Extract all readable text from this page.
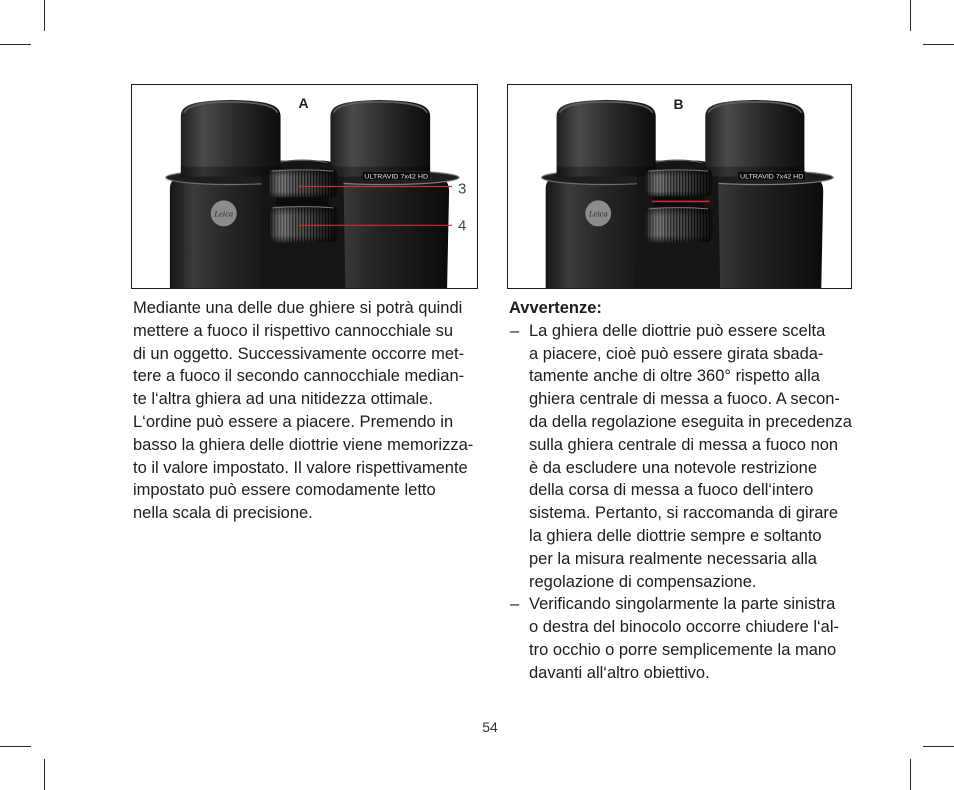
Leica
ULTRAVID 7x42 HD
A
3
4
Leica
ULTRAVID 7x42 HD
B
Mediante una delle due ghiere si potrà quindi
mettere a fuoco il rispettivo cannocchiale su
di un oggetto. Successivamente occorre met-
tere a fuoco il secondo cannocchiale median-
te l‘altra ghiera ad una nitidezza ottimale.
L‘ordine può essere a piacere. Premendo in
basso la ghiera delle diottrie viene memorizza-
to il valore impostato. Il valore rispettivamente
impostato può essere comodamente letto
nella scala di precisione.
Avvertenze:
– La ghiera delle diottrie può essere scelta
a piacere, cioè può essere girata sbada-
tamente anche di oltre 360° rispetto alla
ghiera centrale di messa a fuoco. A secon-
da della regolazione eseguita in precedenza
sulla ghiera centrale di messa a fuoco non
è da escludere una notevole restrizione
della corsa di messa a fuoco dell‘intero
sistema. Pertanto, si raccomanda di girare
la ghiera delle diottrie sempre e soltanto
per la misura realmente necessaria alla
regolazione di compensazione.
– Verificando singolarmente la parte sinistra
o destra del binocolo occorre chiudere l‘al-
tro occhio o porre semplicemente la mano
davanti all‘altro obiettivo.
54
